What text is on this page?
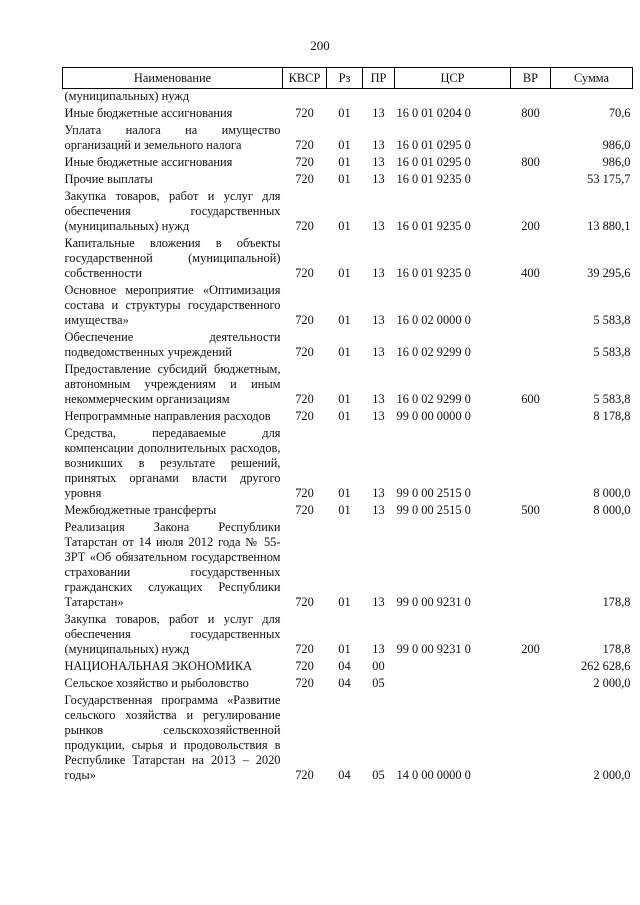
200
Наименование	КВСР	Рз	ПР	ЦСР	ВР	Сумма
(муниципальных) нужд						
Иные бюджетные ассигнования	720	01	13	16 0 01 0204 0	800	70,6
Уплата налога на имущество организаций и земельного налога	720	01	13	16 0 01 0295 0		986,0
Иные бюджетные ассигнования	720	01	13	16 0 01 0295 0	800	986,0
Прочие выплаты	720	01	13	16 0 01 9235 0		53 175,7
Закупка товаров, работ и услуг для обеспечения государственных (муниципальных) нужд	720	01	13	16 0 01 9235 0	200	13 880,1
Капитальные вложения в объекты государственной (муниципальной) собственности	720	01	13	16 0 01 9235 0	400	39 295,6
Основное мероприятие «Оптимизация состава и структуры государственного имущества»	720	01	13	16 0 02 0000 0		5 583,8
Обеспечение деятельности подведомственных учреждений	720	01	13	16 0 02 9299 0		5 583,8
Предоставление субсидий бюджетным, автономным учреждениям и иным некоммерческим организациям	720	01	13	16 0 02 9299 0	600	5 583,8
Непрограммные направления расходов	720	01	13	99 0 00 0000 0		8 178,8
Средства, передаваемые для компенсации дополнительных расходов, возникших в результате решений, принятых органами власти другого уровня	720	01	13	99 0 00 2515 0		8 000,0
Межбюджетные трансферты	720	01	13	99 0 00 2515 0	500	8 000,0
Реализация Закона Республики Татарстан от 14 июля 2012 года № 55-ЗРТ «Об обязательном государственном страховании государственных гражданских служащих Республики Татарстан»	720	01	13	99 0 00 9231 0		178,8
Закупка товаров, работ и услуг для обеспечения государственных (муниципальных) нужд	720	01	13	99 0 00 9231 0	200	178,8
НАЦИОНАЛЬНАЯ ЭКОНОМИКА	720	04	00			262 628,6
Сельское хозяйство и рыболовство	720	04	05			2 000,0
Государственная программа «Развитие сельского хозяйства и регулирование рынков сельскохозяйственной продукции, сырья и продовольствия в Республике Татарстан на 2013 – 2020 годы»	720	04	05	14 0 00 0000 0		2 000,0
